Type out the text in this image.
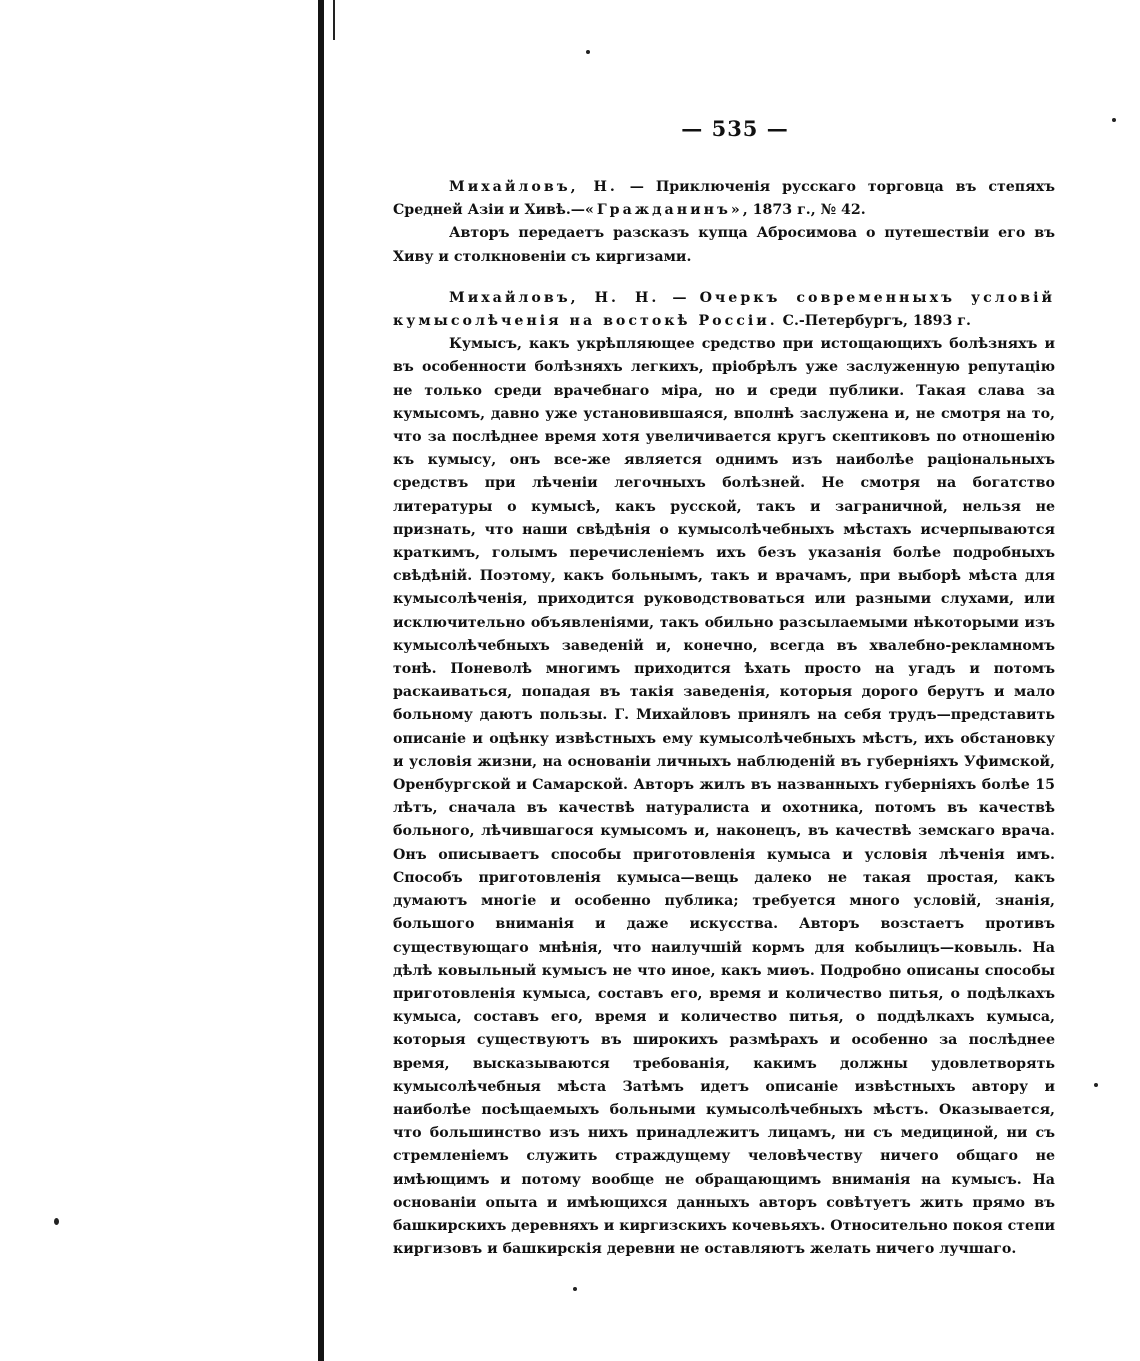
— 535 —

Михайловъ, Н. — Приключенія русскаго торговца въ степяхъ Средней Азіи и Хивѣ.—«Гражданинъ», 1873 г., № 42.

Авторъ передаетъ разсказъ купца Абросимова о путешествіи его въ Хиву и столкновеніи съ киргизами.

Михайловъ, Н. Н. — Очеркъ современныхъ условій кумысолѣченія на востокѣ Россіи. С.-Петербургъ, 1893 г.

Кумысъ, какъ укрѣпляющее средство при истощающихъ болѣзняхъ и въ особенности болѣзняхъ легкихъ, пріобрѣлъ уже заслуженную репутацію не только среди врачебнаго міра, но и среди публики. Такая слава за кумысомъ, давно уже установившаяся, вполнѣ заслужена и, не смотря на то, что за послѣднее время хотя увеличивается кругъ скептиковъ по отношенію къ кумысу, онъ все-же является однимъ изъ наиболѣе раціональныхъ средствъ при лѣченіи легочныхъ болѣзней. Не смотря на богатство литературы о кумысѣ, какъ русской, такъ и заграничной, нельзя не признать, что наши свѣдѣнія о кумысолѣчебныхъ мѣстахъ исчерпываются краткимъ, голымъ перечисленіемъ ихъ безъ указанія болѣе подробныхъ свѣдѣній. Поэтому, какъ больнымъ, такъ и врачамъ, при выборѣ мѣста для кумысолѣченія, приходится руководствоваться или разными слухами, или исключительно объявленіями, такъ обильно разсылаемыми нѣкоторыми изъ кумысолѣчебныхъ заведеній и, конечно, всегда въ хвалебно-рекламномъ тонѣ. Поневолѣ многимъ приходится ѣхать просто на угадъ и потомъ раскаиваться, попадая въ такія заведенія, которыя дорого берутъ и мало больному даютъ пользы. Г. Михайловъ принялъ на себя трудъ—представить описаніе и оцѣнку извѣстныхъ ему кумысолѣчебныхъ мѣстъ, ихъ обстановку и условія жизни, на основаніи личныхъ наблюденій въ губерніяхъ Уфимской, Оренбургской и Самарской. Авторъ жилъ въ названныхъ губерніяхъ болѣе 15 лѣтъ, сначала въ качествѣ натуралиста и охотника, потомъ въ качествѣ больного, лѣчившагося кумысомъ и, наконецъ, въ качествѣ земскаго врача. Онъ описываетъ способы приготовленія кумыса и условія лѣченія имъ. Способъ приготовленія кумыса—вещь далеко не такая простая, какъ думаютъ многіе и особенно публика; требуется много условій, знанія, большого вниманія и даже искусства. Авторъ возстаетъ противъ существующаго мнѣнія, что наилучшій кормъ для кобылицъ—ковыль. На дѣлѣ ковыльный кумысъ не что иное, какъ миѳъ. Подробно описаны способы приготовленія кумыса, составъ его, время и количество питья, о подѣлкахъ кумыса, составъ его, время и количество питья, о поддѣлкахъ кумыса, которыя существуютъ въ широкихъ размѣрахъ и особенно за послѣднее время, высказываются требованія, какимъ должны удовлетворять кумысолѣчебныя мѣста Затѣмъ идетъ описаніе извѣстныхъ автору и наиболѣе посѣщаемыхъ больными кумысолѣчебныхъ мѣстъ. Оказывается, что большинство изъ нихъ принадлежитъ лицамъ, ни съ медициной, ни съ стремленіемъ служить страждущему человѣчеству ничего общаго не имѣющимъ и потому вообще не обращающимъ вниманія на кумысъ. На основаніи опыта и имѣющихся данныхъ авторъ совѣтуетъ жить прямо въ башкирскихъ деревняхъ и киргизскихъ кочевьяхъ. Относительно покоя степи киргизовъ и башкирскія деревни не оставляютъ желать ничего лучшаго.
